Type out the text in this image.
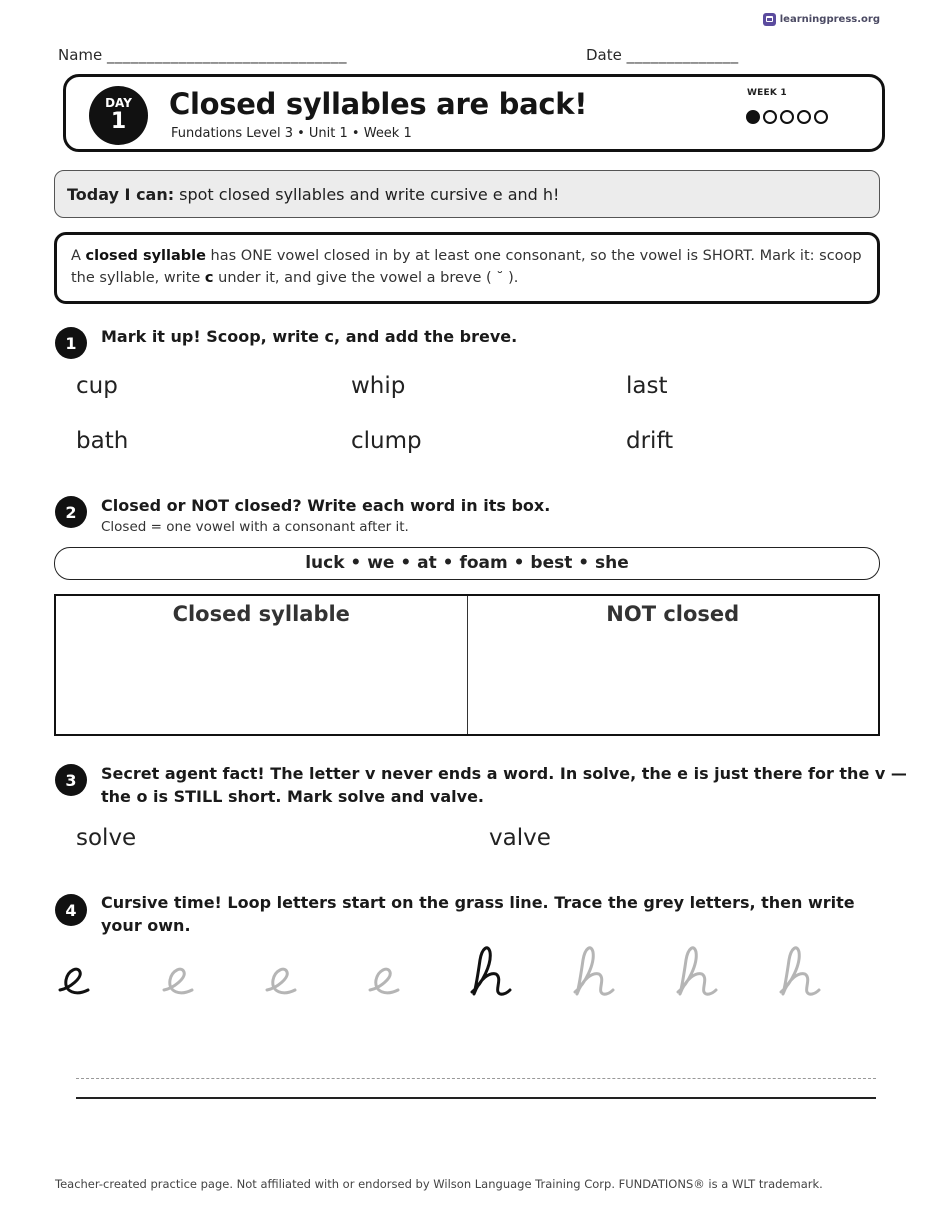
learningpress.org
Name ______________________________	Date ______________
DAY
1
Closed syllables are back!
Fundations Level 3 • Unit 1 • Week 1
WEEK 1
Today I can: spot closed syllables and write cursive e and h!
A closed syllable has ONE vowel closed in by at least one consonant, so the vowel is SHORT. Mark it: scoop the syllable, write c under it, and give the vowel a breve ( ˘ ).
1	Mark it up! Scoop, write c, and add the breve.
cup	whip	last
bath	clump	drift
2	Closed or NOT closed? Write each word in its box.
Closed = one vowel with a consonant after it.
luck • we • at • foam • best • she
Closed syllable	NOT closed
3	Secret agent fact! The letter v never ends a word. In solve, the e is just there for the v —
the o is STILL short. Mark solve and valve.
solve	valve
4	Cursive time! Loop letters start on the grass line. Trace the grey letters, then write
your own.
Teacher-created practice page. Not affiliated with or endorsed by Wilson Language Training Corp. FUNDATIONS® is a WLT trademark.
